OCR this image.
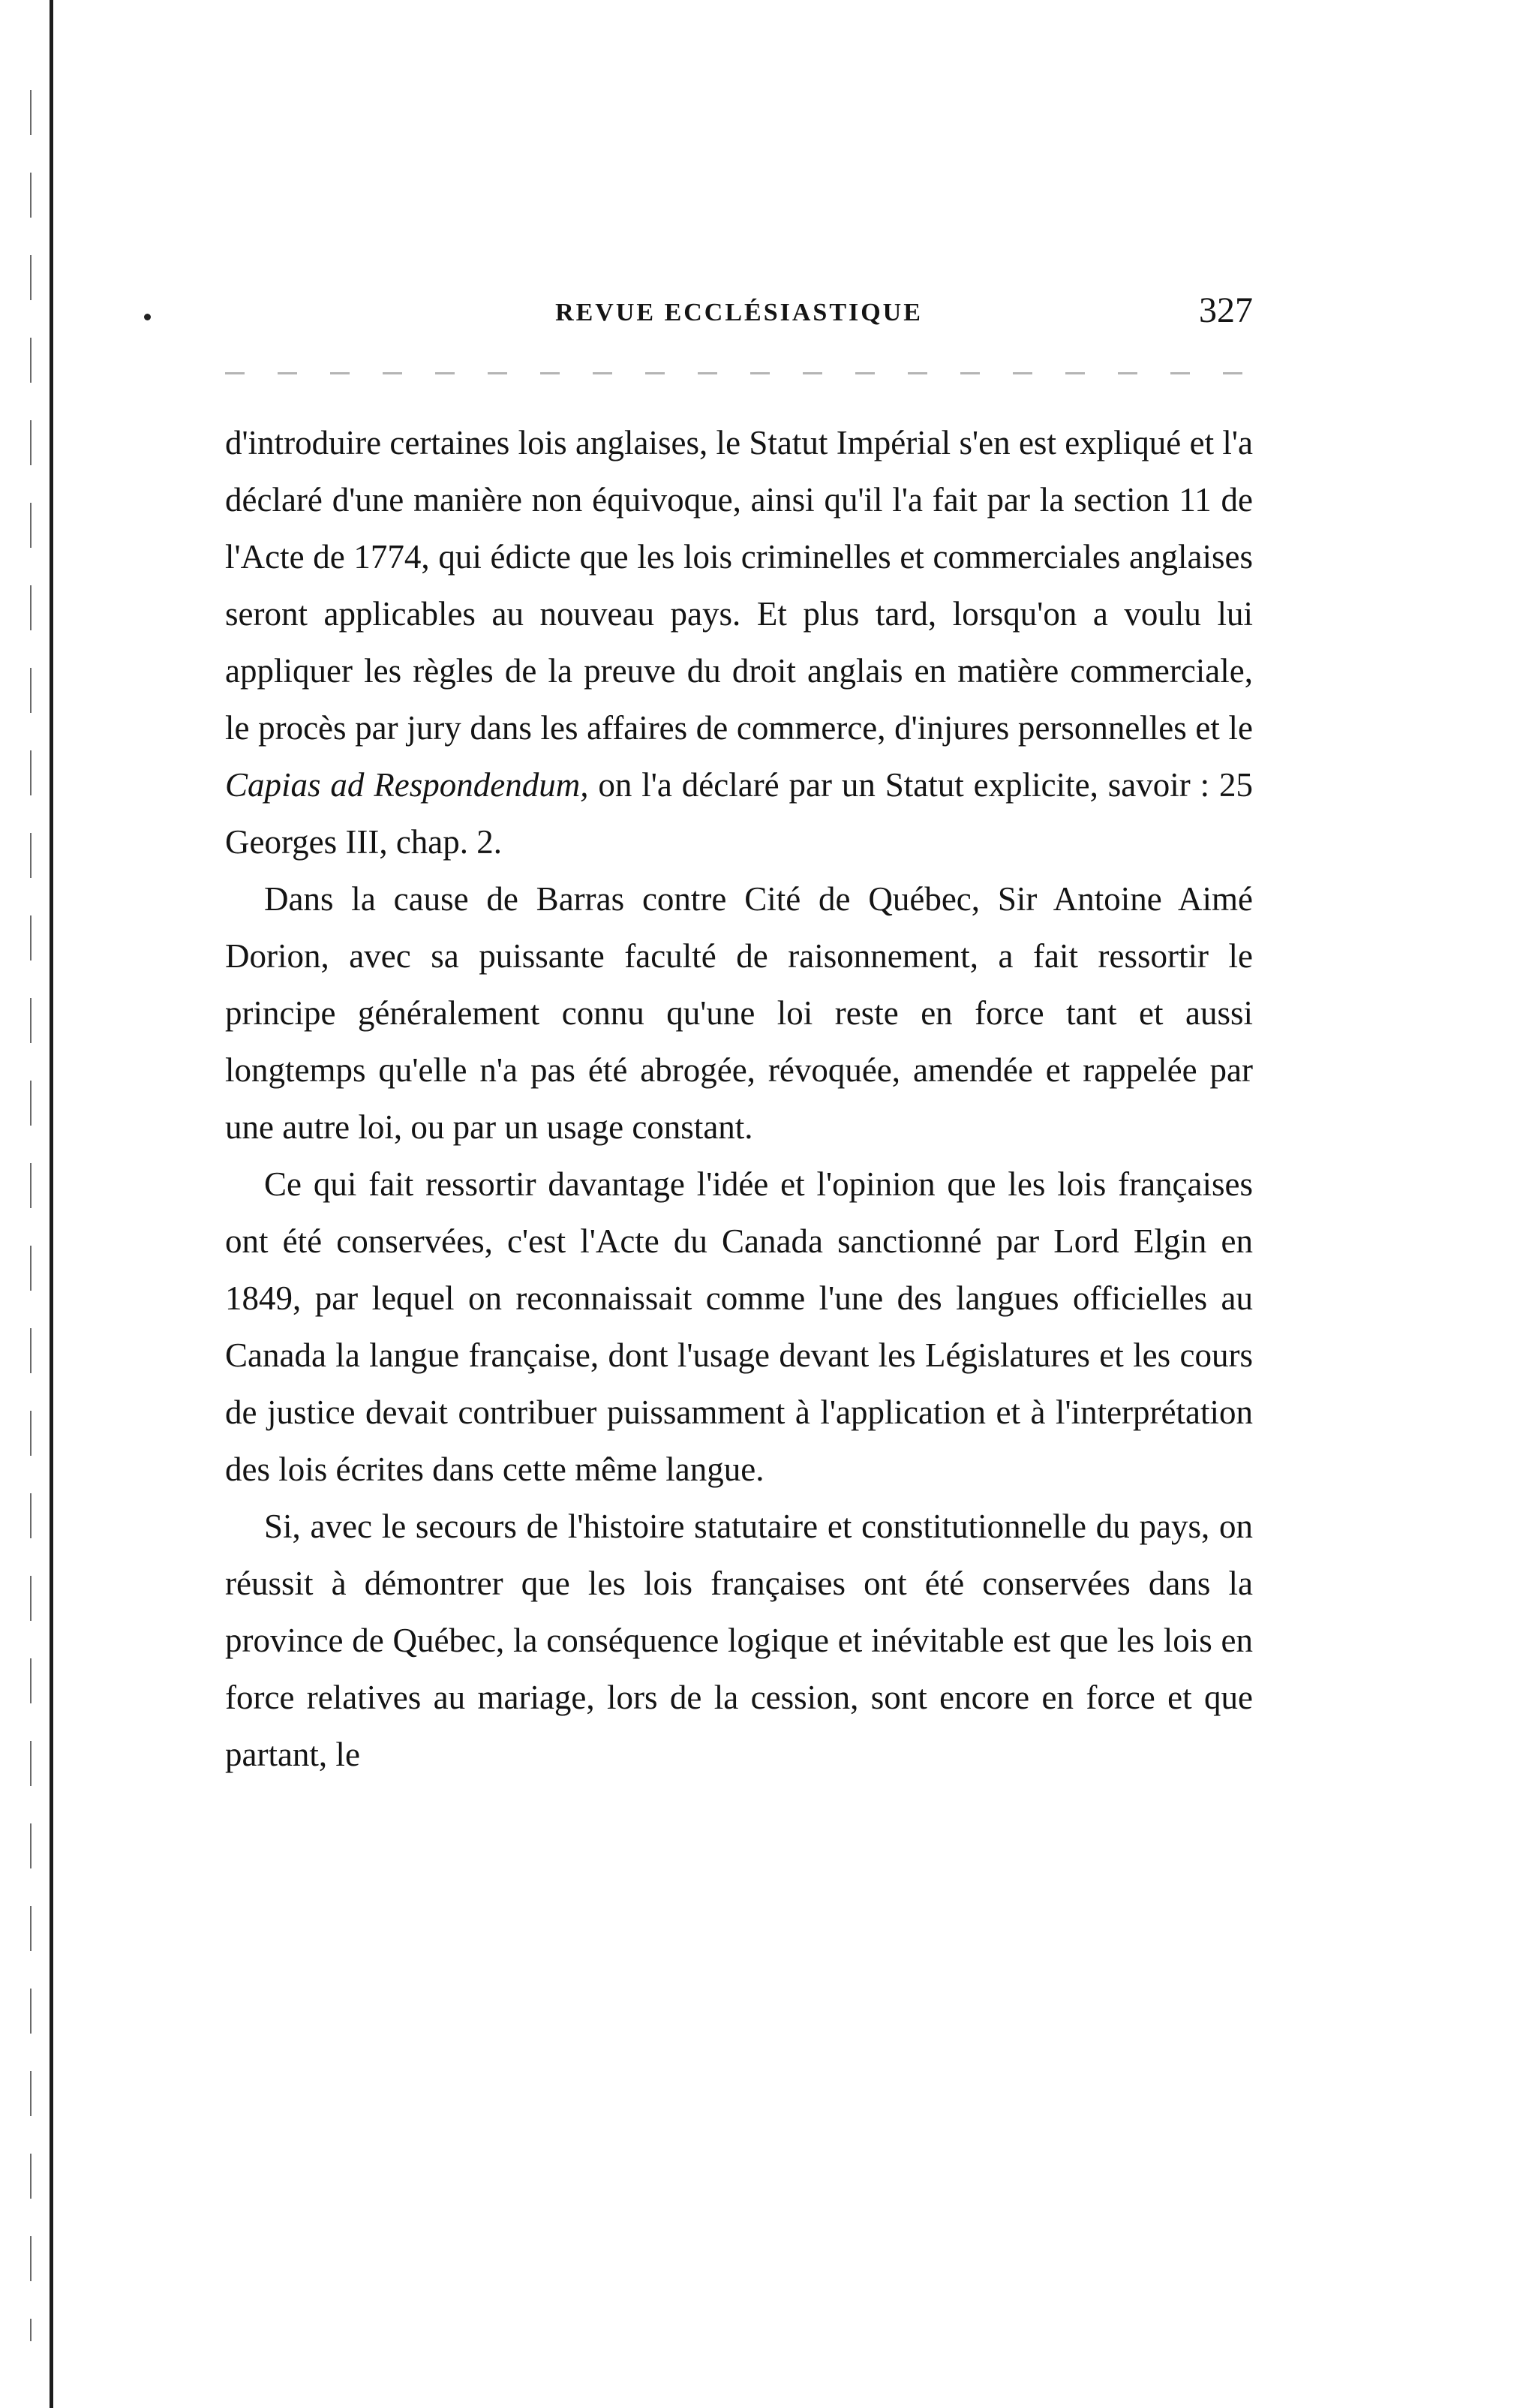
REVUE ECCLÉSIASTIQUE	327

d'introduire certaines lois anglaises, le Statut Impérial s'en est expliqué et l'a déclaré d'une manière non équivoque, ainsi qu'il l'a fait par la section 11 de l'Acte de 1774, qui édicte que les lois criminelles et commerciales anglaises seront applicables au nouveau pays. Et plus tard, lorsqu'on a voulu lui appliquer les règles de la preuve du droit anglais en matière commerciale, le procès par jury dans les affaires de commerce, d'injures personnelles et le Capias ad Respondendum, on l'a déclaré par un Statut explicite, savoir : 25 Georges III, chap. 2.

Dans la cause de Barras contre Cité de Québec, Sir Antoine Aimé Dorion, avec sa puissante faculté de raisonnement, a fait ressortir le principe généralement connu qu'une loi reste en force tant et aussi longtemps qu'elle n'a pas été abrogée, révoquée, amendée et rappelée par une autre loi, ou par un usage constant.

Ce qui fait ressortir davantage l'idée et l'opinion que les lois françaises ont été conservées, c'est l'Acte du Canada sanctionné par Lord Elgin en 1849, par lequel on reconnaissait comme l'une des langues officielles au Canada la langue française, dont l'usage devant les Législatures et les cours de justice devait contribuer puissamment à l'application et à l'interprétation des lois écrites dans cette même langue.

Si, avec le secours de l'histoire statutaire et constitutionnelle du pays, on réussit à démontrer que les lois françaises ont été conservées dans la province de Québec, la conséquence logique et inévitable est que les lois en force relatives au mariage, lors de la cession, sont encore en force et que partant, le
